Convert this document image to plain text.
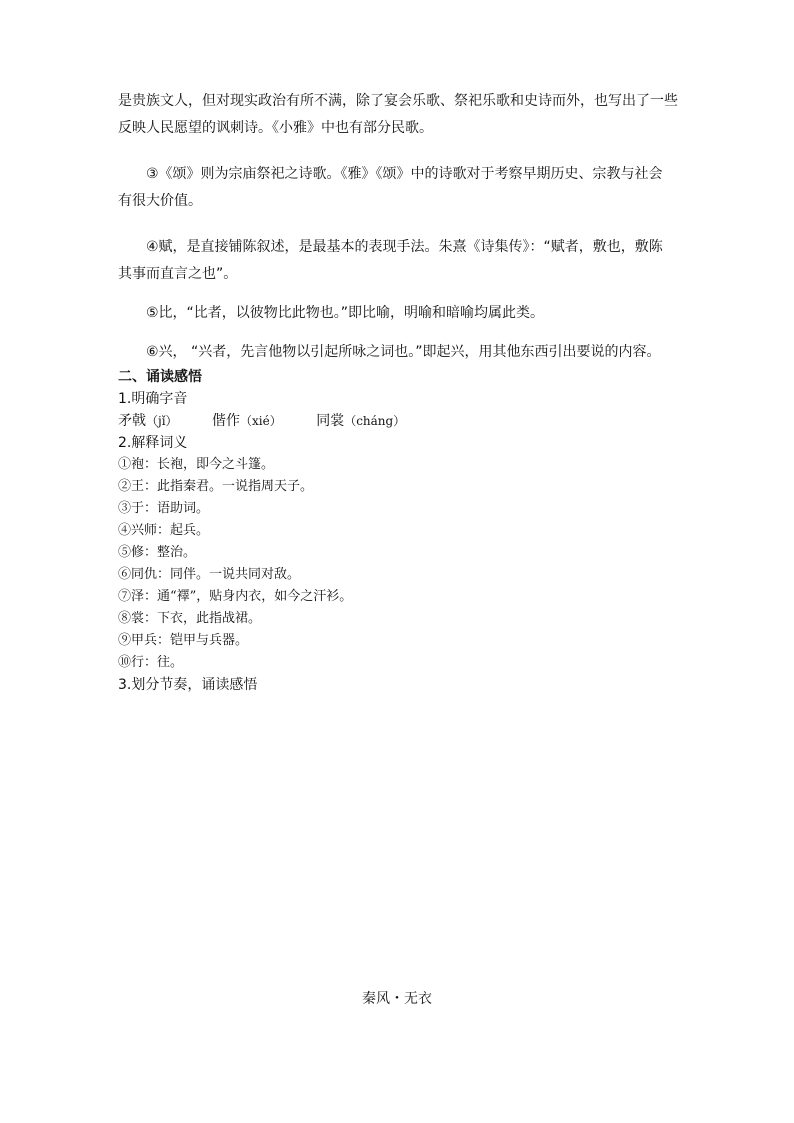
是贵族文人，但对现实政治有所不满，除了宴会乐歌、祭祀乐歌和史诗而外，也写出了一些
反映人民愿望的讽刺诗。《小雅》中也有部分民歌。

③《颂》则为宗庙祭祀之诗歌。《雅》《颂》中的诗歌对于考察早期历史、宗教与社会
有很大价值。

④赋，是直接铺陈叙述，是最基本的表现手法。朱熹《诗集传》：“赋者，敷也，敷陈
其事而直言之也”。

⑤比，“比者，以彼物比此物也。”即比喻，明喻和暗喻均属此类。

⑥兴， “兴者，先言他物以引起所咏之词也。”即起兴，用其他东西引出要说的内容。

二、诵读感悟

1.明确字音

矛戟（jǐ） 偕作（xié） 同裳（cháng）

2.解释词义

①袍：长袍，即今之斗篷。

②王：此指秦君。一说指周天子。

③于：语助词。

④兴师：起兵。

⑤修：整治。

⑥同仇：同伴。一说共同对敌。

⑦泽：通“襗”，贴身内衣，如今之汗衫。

⑧裳：下衣，此指战裙。

⑨甲兵：铠甲与兵器。

⑩行：往。

3.划分节奏，诵读感悟

秦风・无衣
